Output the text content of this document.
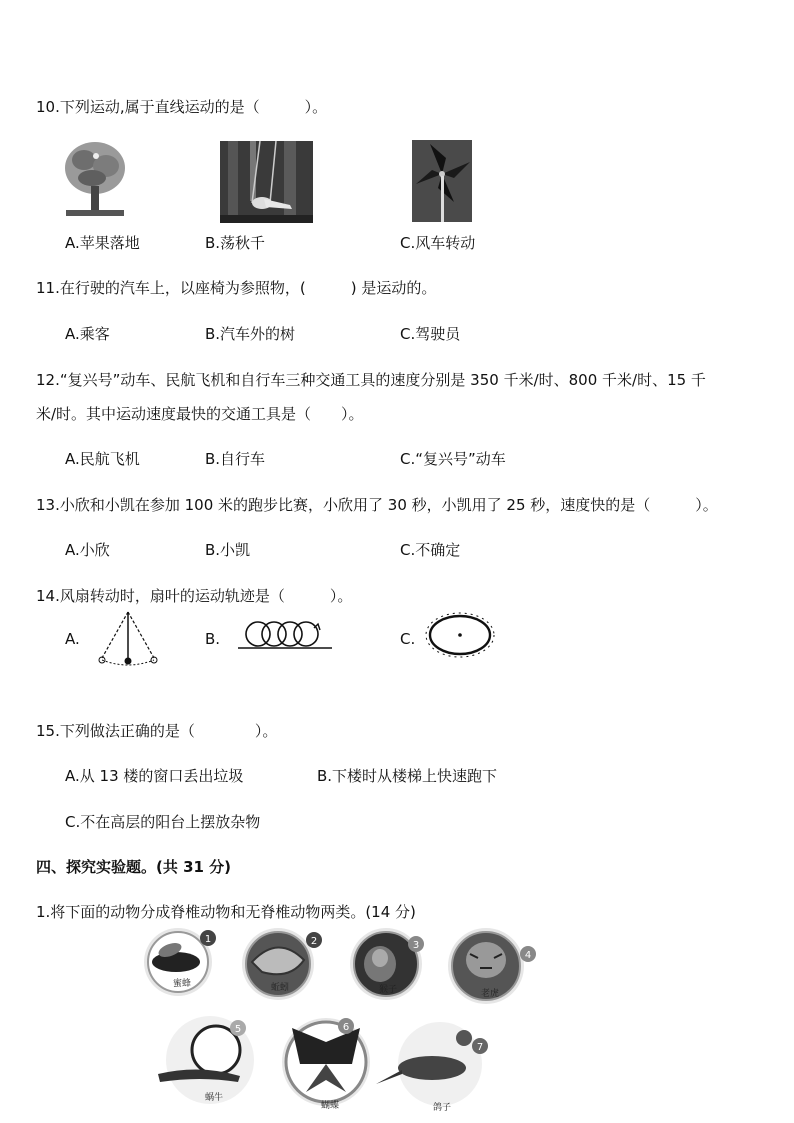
10.下列运动,属于直线运动的是（　　　）。
A.苹果落地	B.荡秋千	C.风车转动
11.在行驶的汽车上，以座椅为参照物，(　　　) 是运动的。
A.乘客	B.汽车外的树	C.驾驶员
12.“复兴号”动车、民航飞机和自行车三种交通工具的速度分别是 350 千米/时、800 千米/时、15 千
米/时。其中运动速度最快的交通工具是（　　）。
A.民航飞机	B.自行车	C.“复兴号”动车
13.小欣和小凯在参加 100 米的跑步比赛，小欣用了 30 秒，小凯用了 25 秒，速度快的是（　　　）。
A.小欣	B.小凯	C.不确定
14.风扇转动时，扇叶的运动轨迹是（　　　）。
A.	B.	C.
15.下列做法正确的是（　　　　）。
A.从 13 楼的窗口丢出垃圾	B.下楼时从楼梯上快速跑下
C.不在高层的阳台上摆放杂物
四、探究实验题。(共 31 分)
1.将下面的动物分成脊椎动物和无脊椎动物两类。(14 分)
1
蜜蜂
2
蚯蚓
3
猴子
4
老虎
5
蜗牛
6
蝴蝶
7
鸽子
